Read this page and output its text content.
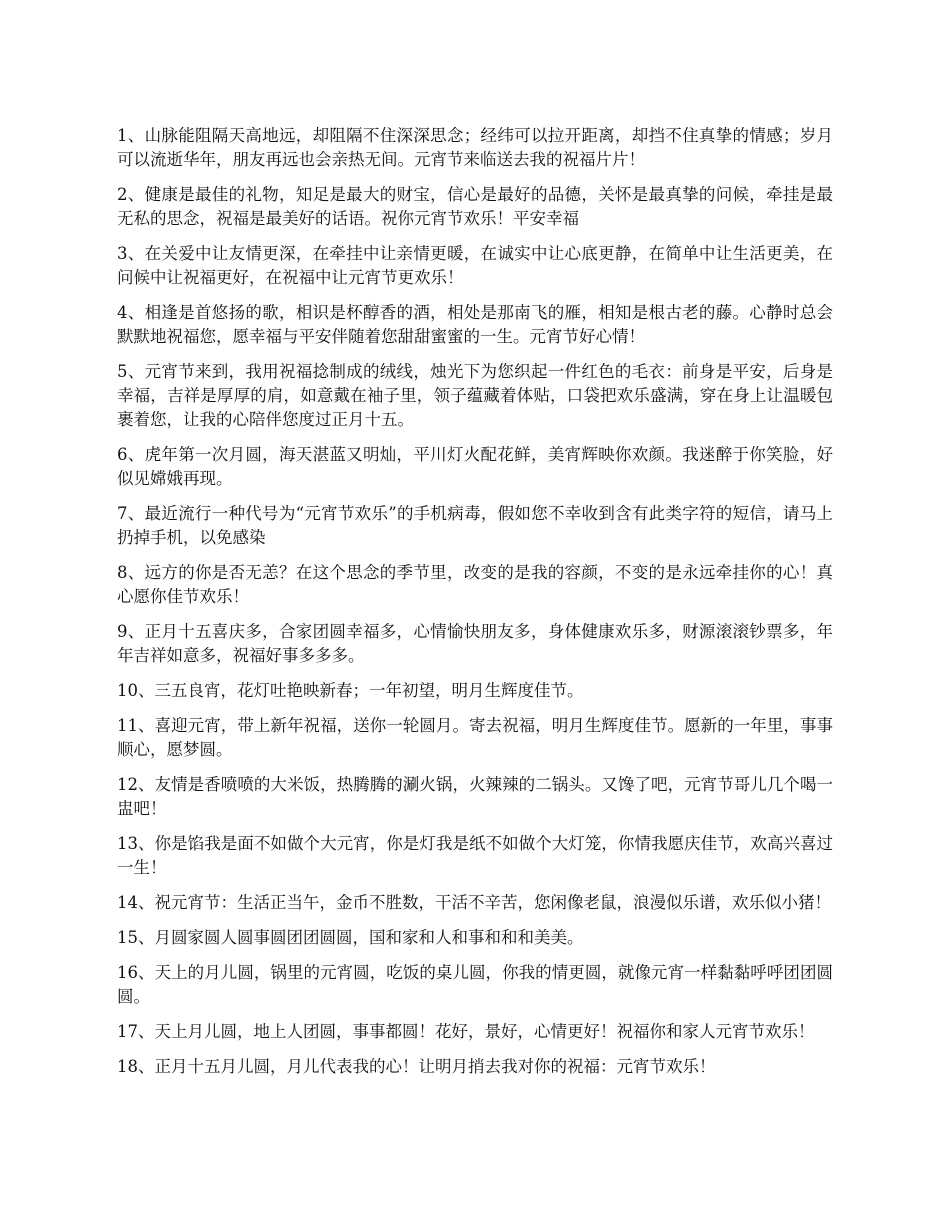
1、山脉能阻隔天高地远，却阻隔不住深深思念；经纬可以拉开距离，却挡不住真挚的情感；岁月可以流逝华年，朋友再远也会亲热无间。元宵节来临送去我的祝福片片！

2、健康是最佳的礼物，知足是最大的财宝，信心是最好的品德，关怀是最真挚的问候，牵挂是最无私的思念，祝福是最美好的话语。祝你元宵节欢乐！平安幸福

3、在关爱中让友情更深，在牵挂中让亲情更暖，在诚实中让心底更静，在简单中让生活更美，在问候中让祝福更好，在祝福中让元宵节更欢乐！

4、相逢是首悠扬的歌，相识是杯醇香的酒，相处是那南飞的雁，相知是根古老的藤。心静时总会默默地祝福您，愿幸福与平安伴随着您甜甜蜜蜜的一生。元宵节好心情！

5、元宵节来到，我用祝福捻制成的绒线，烛光下为您织起一件红色的毛衣：前身是平安，后身是幸福，吉祥是厚厚的肩，如意戴在袖子里，领子蕴藏着体贴，口袋把欢乐盛满，穿在身上让温暖包裹着您，让我的心陪伴您度过正月十五。

6、虎年第一次月圆，海天湛蓝又明灿，平川灯火配花鲜，美宵辉映你欢颜。我迷醉于你笑脸，好似见嫦娥再现。

7、最近流行一种代号为“元宵节欢乐”的手机病毒，假如您不幸收到含有此类字符的短信，请马上扔掉手机，以免感染

8、远方的你是否无恙？在这个思念的季节里，改变的是我的容颜，不变的是永远牵挂你的心！真心愿你佳节欢乐！

9、正月十五喜庆多，合家团圆幸福多，心情愉快朋友多，身体健康欢乐多，财源滚滚钞票多，年年吉祥如意多，祝福好事多多多。

10、三五良宵，花灯吐艳映新春；一年初望，明月生辉度佳节。

11、喜迎元宵，带上新年祝福，送你一轮圆月。寄去祝福，明月生辉度佳节。愿新的一年里，事事顺心，愿梦圆。

12、友情是香喷喷的大米饭，热腾腾的涮火锅，火辣辣的二锅头。又馋了吧，元宵节哥儿几个喝一盅吧！

13、你是馅我是面不如做个大元宵，你是灯我是纸不如做个大灯笼，你情我愿庆佳节，欢高兴喜过一生！

14、祝元宵节：生活正当午，金币不胜数，干活不辛苦，您闲像老鼠，浪漫似乐谱，欢乐似小猪！

15、月圆家圆人圆事圆团团圆圆，国和家和人和事和和和美美。

16、天上的月儿圆，锅里的元宵圆，吃饭的桌儿圆，你我的情更圆，就像元宵一样黏黏呼呼团团圆圆。

17、天上月儿圆，地上人团圆，事事都圆！花好，景好，心情更好！祝福你和家人元宵节欢乐！

18、正月十五月儿圆，月儿代表我的心！让明月捎去我对你的祝福：元宵节欢乐！
